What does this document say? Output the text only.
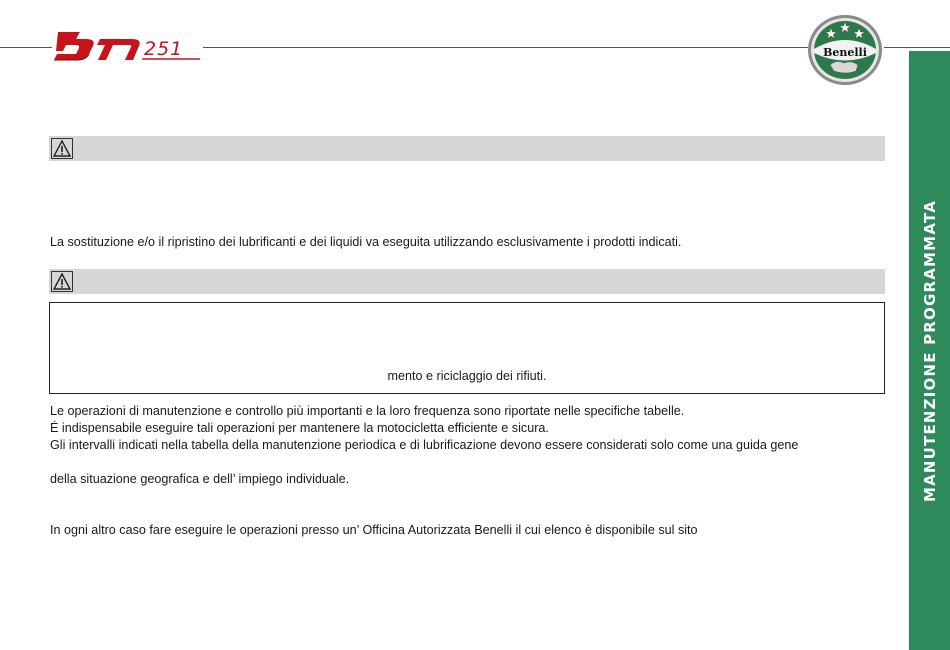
251	Benelli
MANUTENZIONE PROGRAMMATA
La sostituzione e/o il ripristino dei lubrificanti e dei liquidi va eseguita utilizzando esclusivamente i prodotti indicati.
mento e riciclaggio dei rifiuti.
Le operazioni di manutenzione e controllo più importanti e la loro frequenza sono riportate nelle specifiche tabelle.
É indispensabile eseguire tali operazioni per mantenere la motocicletta efficiente e sicura.
Gli intervalli indicati nella tabella della manutenzione periodica e di lubrificazione devono essere considerati solo come una guida gene
della situazione geografica e dell’ impiego individuale.
In ogni altro caso fare eseguire le operazioni presso un’ Officina Autorizzata Benelli il cui elenco è disponibile sul sito
